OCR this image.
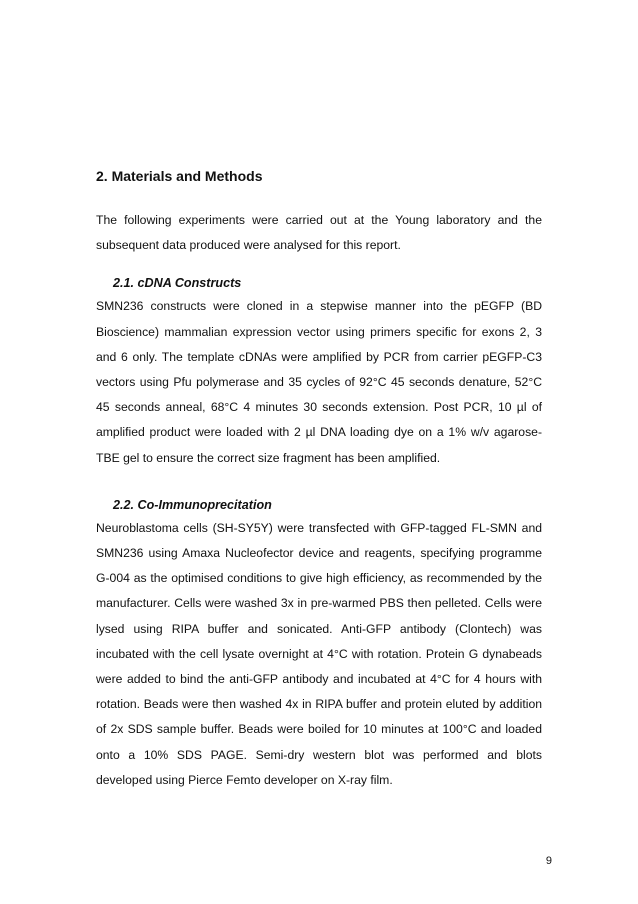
2. Materials and Methods

The following experiments were carried out at the Young laboratory and the subsequent data produced were analysed for this report.

2.1. cDNA Constructs

SMN236 constructs were cloned in a stepwise manner into the pEGFP (BD Bioscience) mammalian expression vector using primers specific for exons 2, 3 and 6 only. The template cDNAs were amplified by PCR from carrier pEGFP-C3 vectors using Pfu polymerase and 35 cycles of 92°C 45 seconds denature, 52°C 45 seconds anneal, 68°C 4 minutes 30 seconds extension. Post PCR, 10 µl of amplified product were loaded with 2 µl DNA loading dye on a 1% w/v agarose-TBE gel to ensure the correct size fragment has been amplified.

2.2. Co-Immunoprecitation

Neuroblastoma cells (SH-SY5Y) were transfected with GFP-tagged FL-SMN and SMN236 using Amaxa Nucleofector device and reagents, specifying programme G-004 as the optimised conditions to give high efficiency, as recommended by the manufacturer. Cells were washed 3x in pre-warmed PBS then pelleted. Cells were lysed using RIPA buffer and sonicated. Anti-GFP antibody (Clontech) was incubated with the cell lysate overnight at 4°C with rotation. Protein G dynabeads were added to bind the anti-GFP antibody and incubated at 4°C for 4 hours with rotation. Beads were then washed 4x in RIPA buffer and protein eluted by addition of 2x SDS sample buffer. Beads were boiled for 10 minutes at 100°C and loaded onto a 10% SDS PAGE. Semi-dry western blot was performed and blots developed using Pierce Femto developer on X-ray film.

9
